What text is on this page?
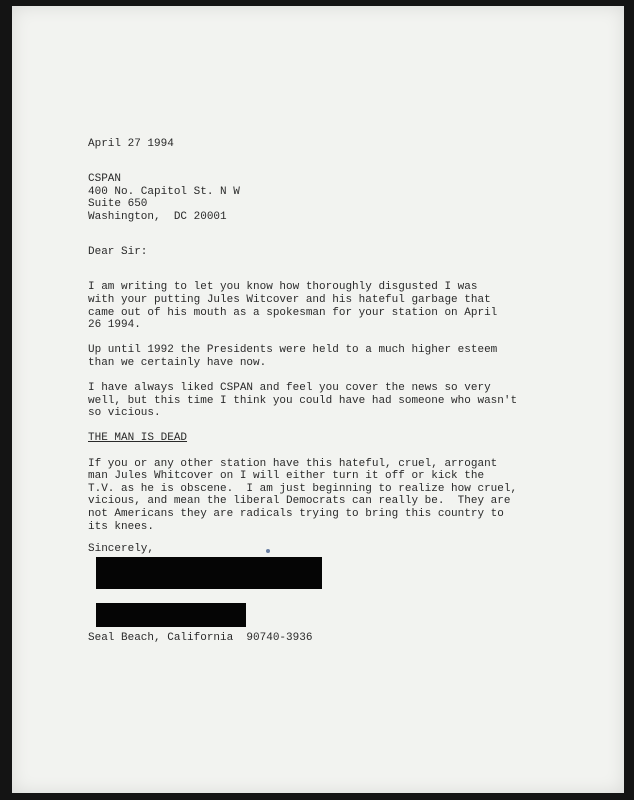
April 27 1994
CSPAN
400 No. Capitol St. N W
Suite 650
Washington,  DC 20001
Dear Sir:
I am writing to let you know how thoroughly disgusted I was
with your putting Jules Witcover and his hateful garbage that
came out of his mouth as a spokesman for your station on April
26 1994.
Up until 1992 the Presidents were held to a much higher esteem
than we certainly have now.
I have always liked CSPAN and feel you cover the news so very
well, but this time I think you could have had someone who wasn't
so vicious.
THE MAN IS DEAD
If you or any other station have this hateful, cruel, arrogant
man Jules Whitcover on I will either turn it off or kick the
T.V. as he is obscene.  I am just beginning to realize how cruel,
vicious, and mean the liberal Democrats can really be.  They are
not Americans they are radicals trying to bring this country to
its knees.
Sincerely,
Seal Beach, California  90740-3936
